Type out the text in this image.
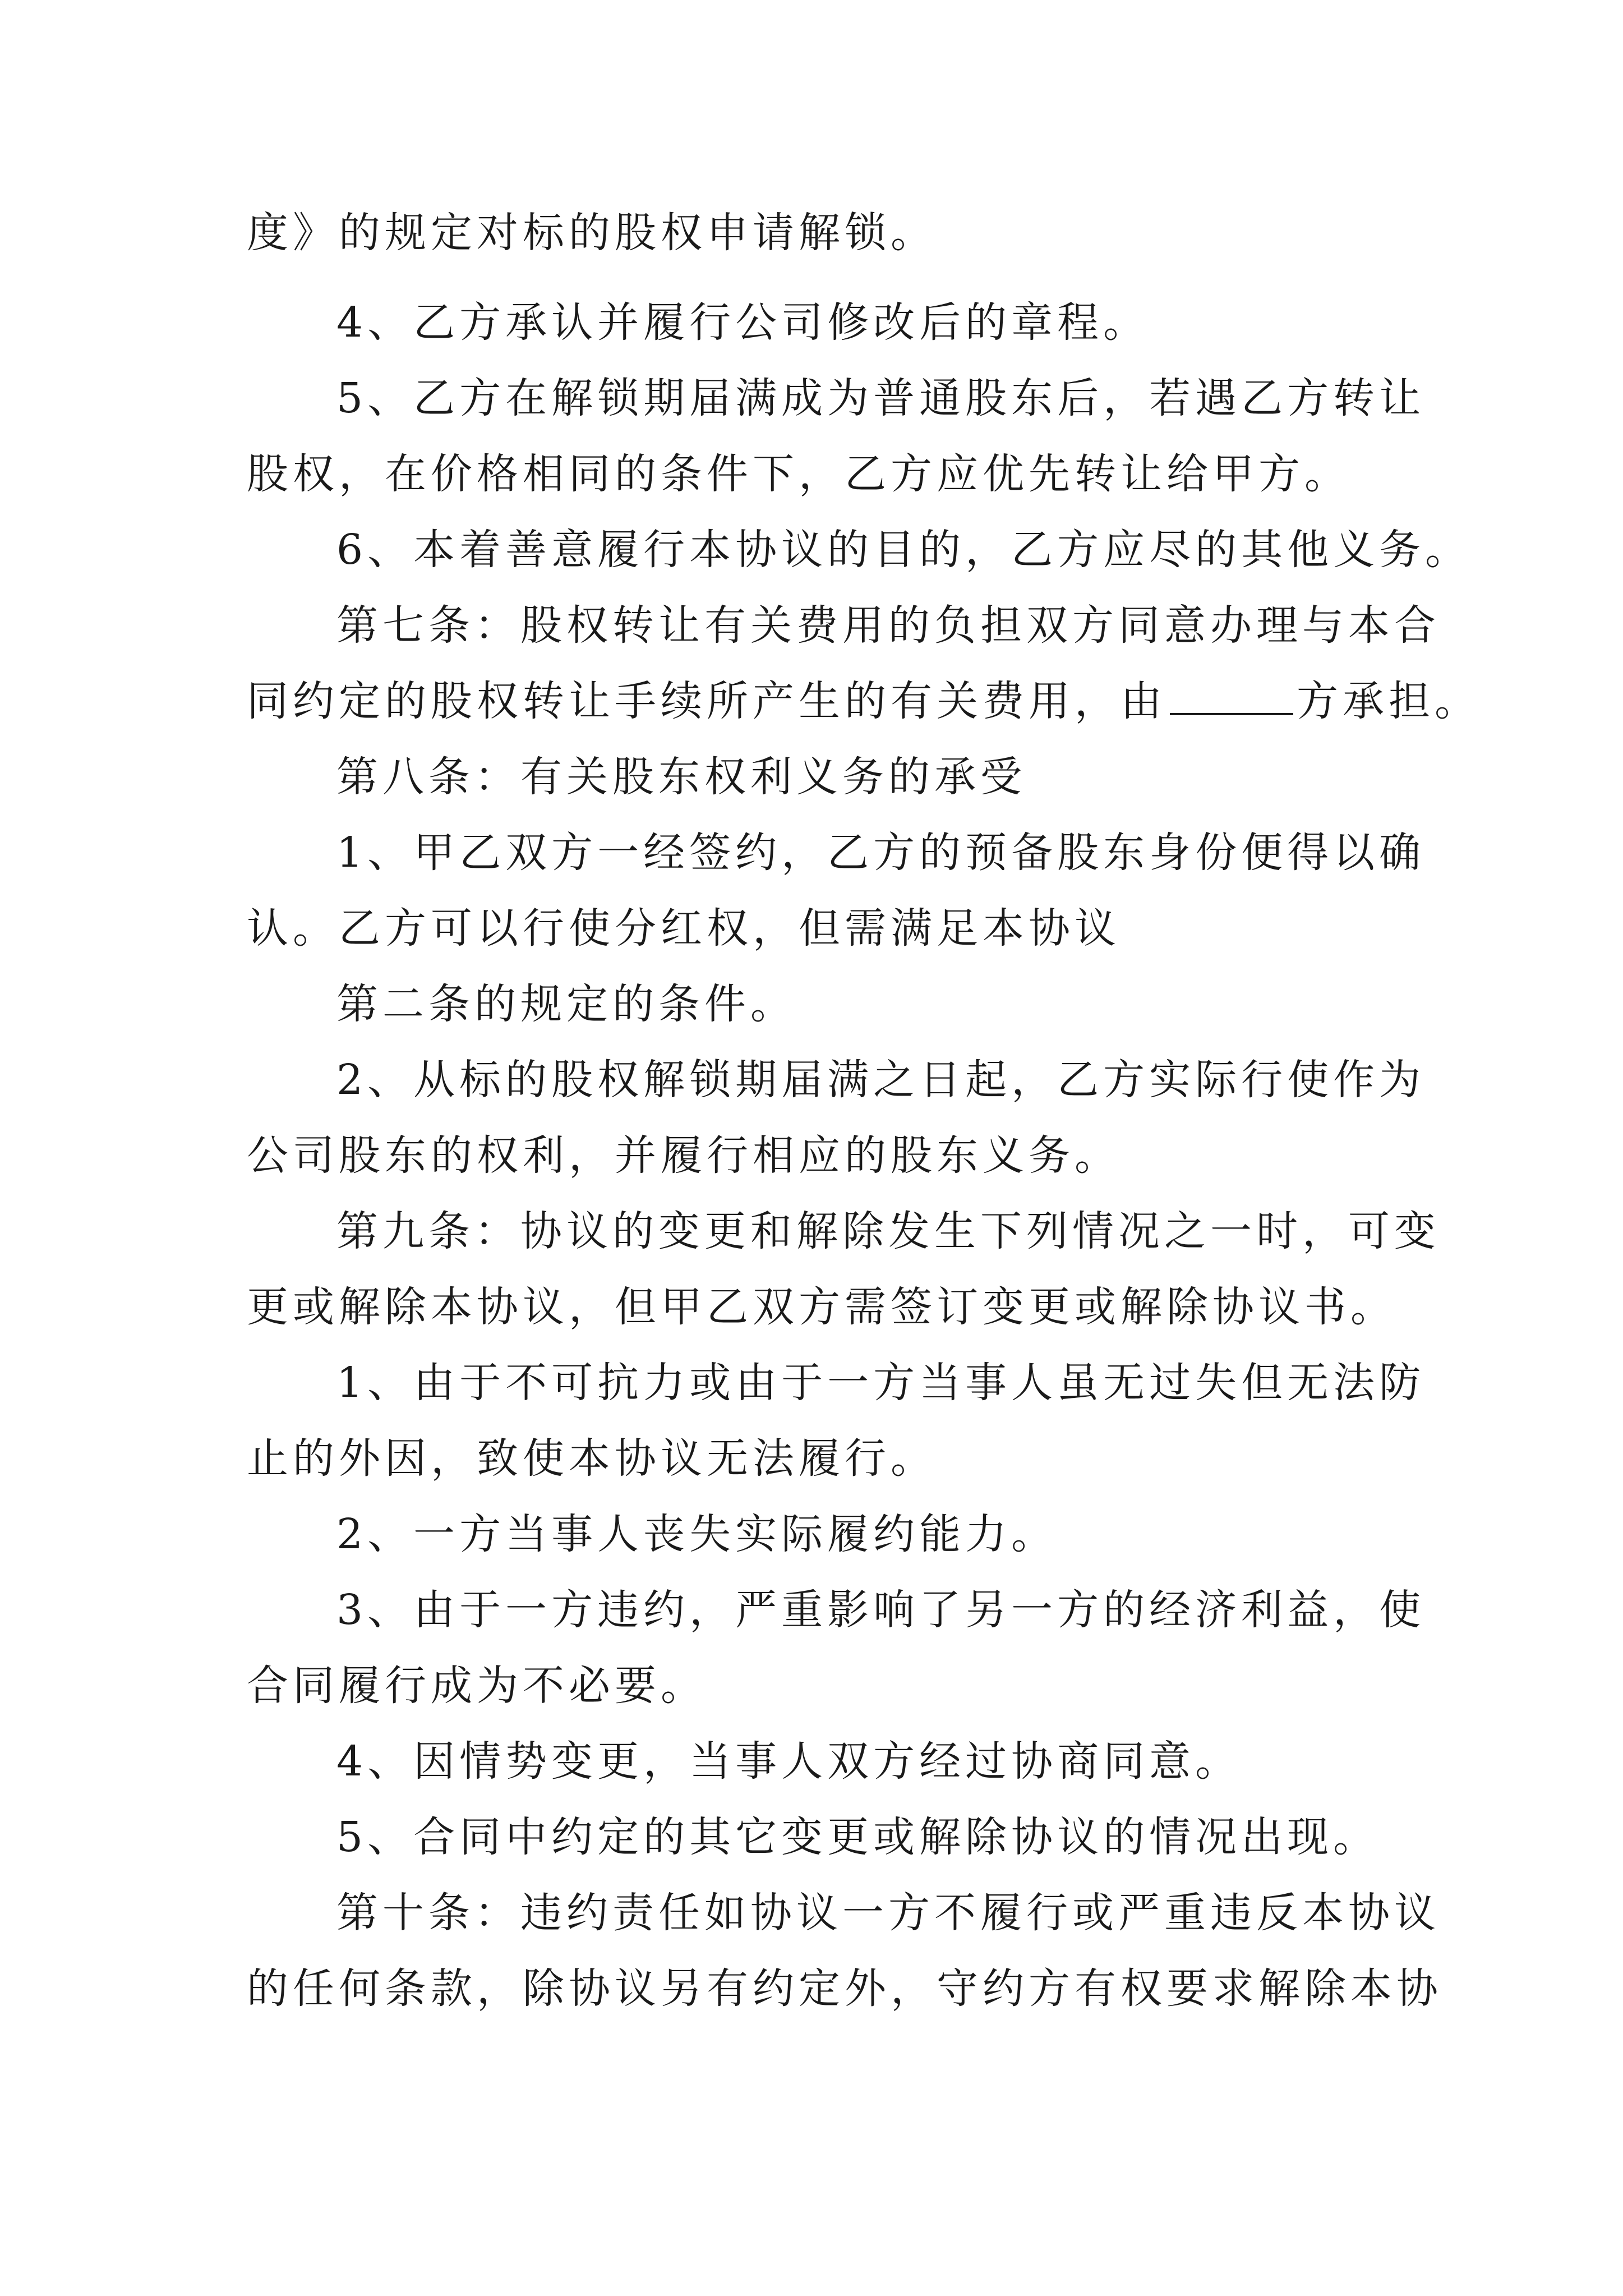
度》的规定对标的股权申请解锁。
4、乙方承认并履行公司修改后的章程。
5、乙方在解锁期届满成为普通股东后，若遇乙方转让
股权，在价格相同的条件下，乙方应优先转让给甲方。
6、本着善意履行本协议的目的，乙方应尽的其他义务。
第七条：股权转让有关费用的负担双方同意办理与本合
同约定的股权转让手续所产生的有关费用，由	方承担。
第八条：有关股东权利义务的承受
1、甲乙双方一经签约，乙方的预备股东身份便得以确
认。乙方可以行使分红权，但需满足本协议
第二条的规定的条件。
2、从标的股权解锁期届满之日起，乙方实际行使作为
公司股东的权利，并履行相应的股东义务。
第九条：协议的变更和解除发生下列情况之一时，可变
更或解除本协议，但甲乙双方需签订变更或解除协议书。
1、由于不可抗力或由于一方当事人虽无过失但无法防
止的外因，致使本协议无法履行。
2、一方当事人丧失实际履约能力。
3、由于一方违约，严重影响了另一方的经济利益，使
合同履行成为不必要。
4、因情势变更，当事人双方经过协商同意。
5、合同中约定的其它变更或解除协议的情况出现。
第十条：违约责任如协议一方不履行或严重违反本协议
的任何条款，除协议另有约定外，守约方有权要求解除本协
